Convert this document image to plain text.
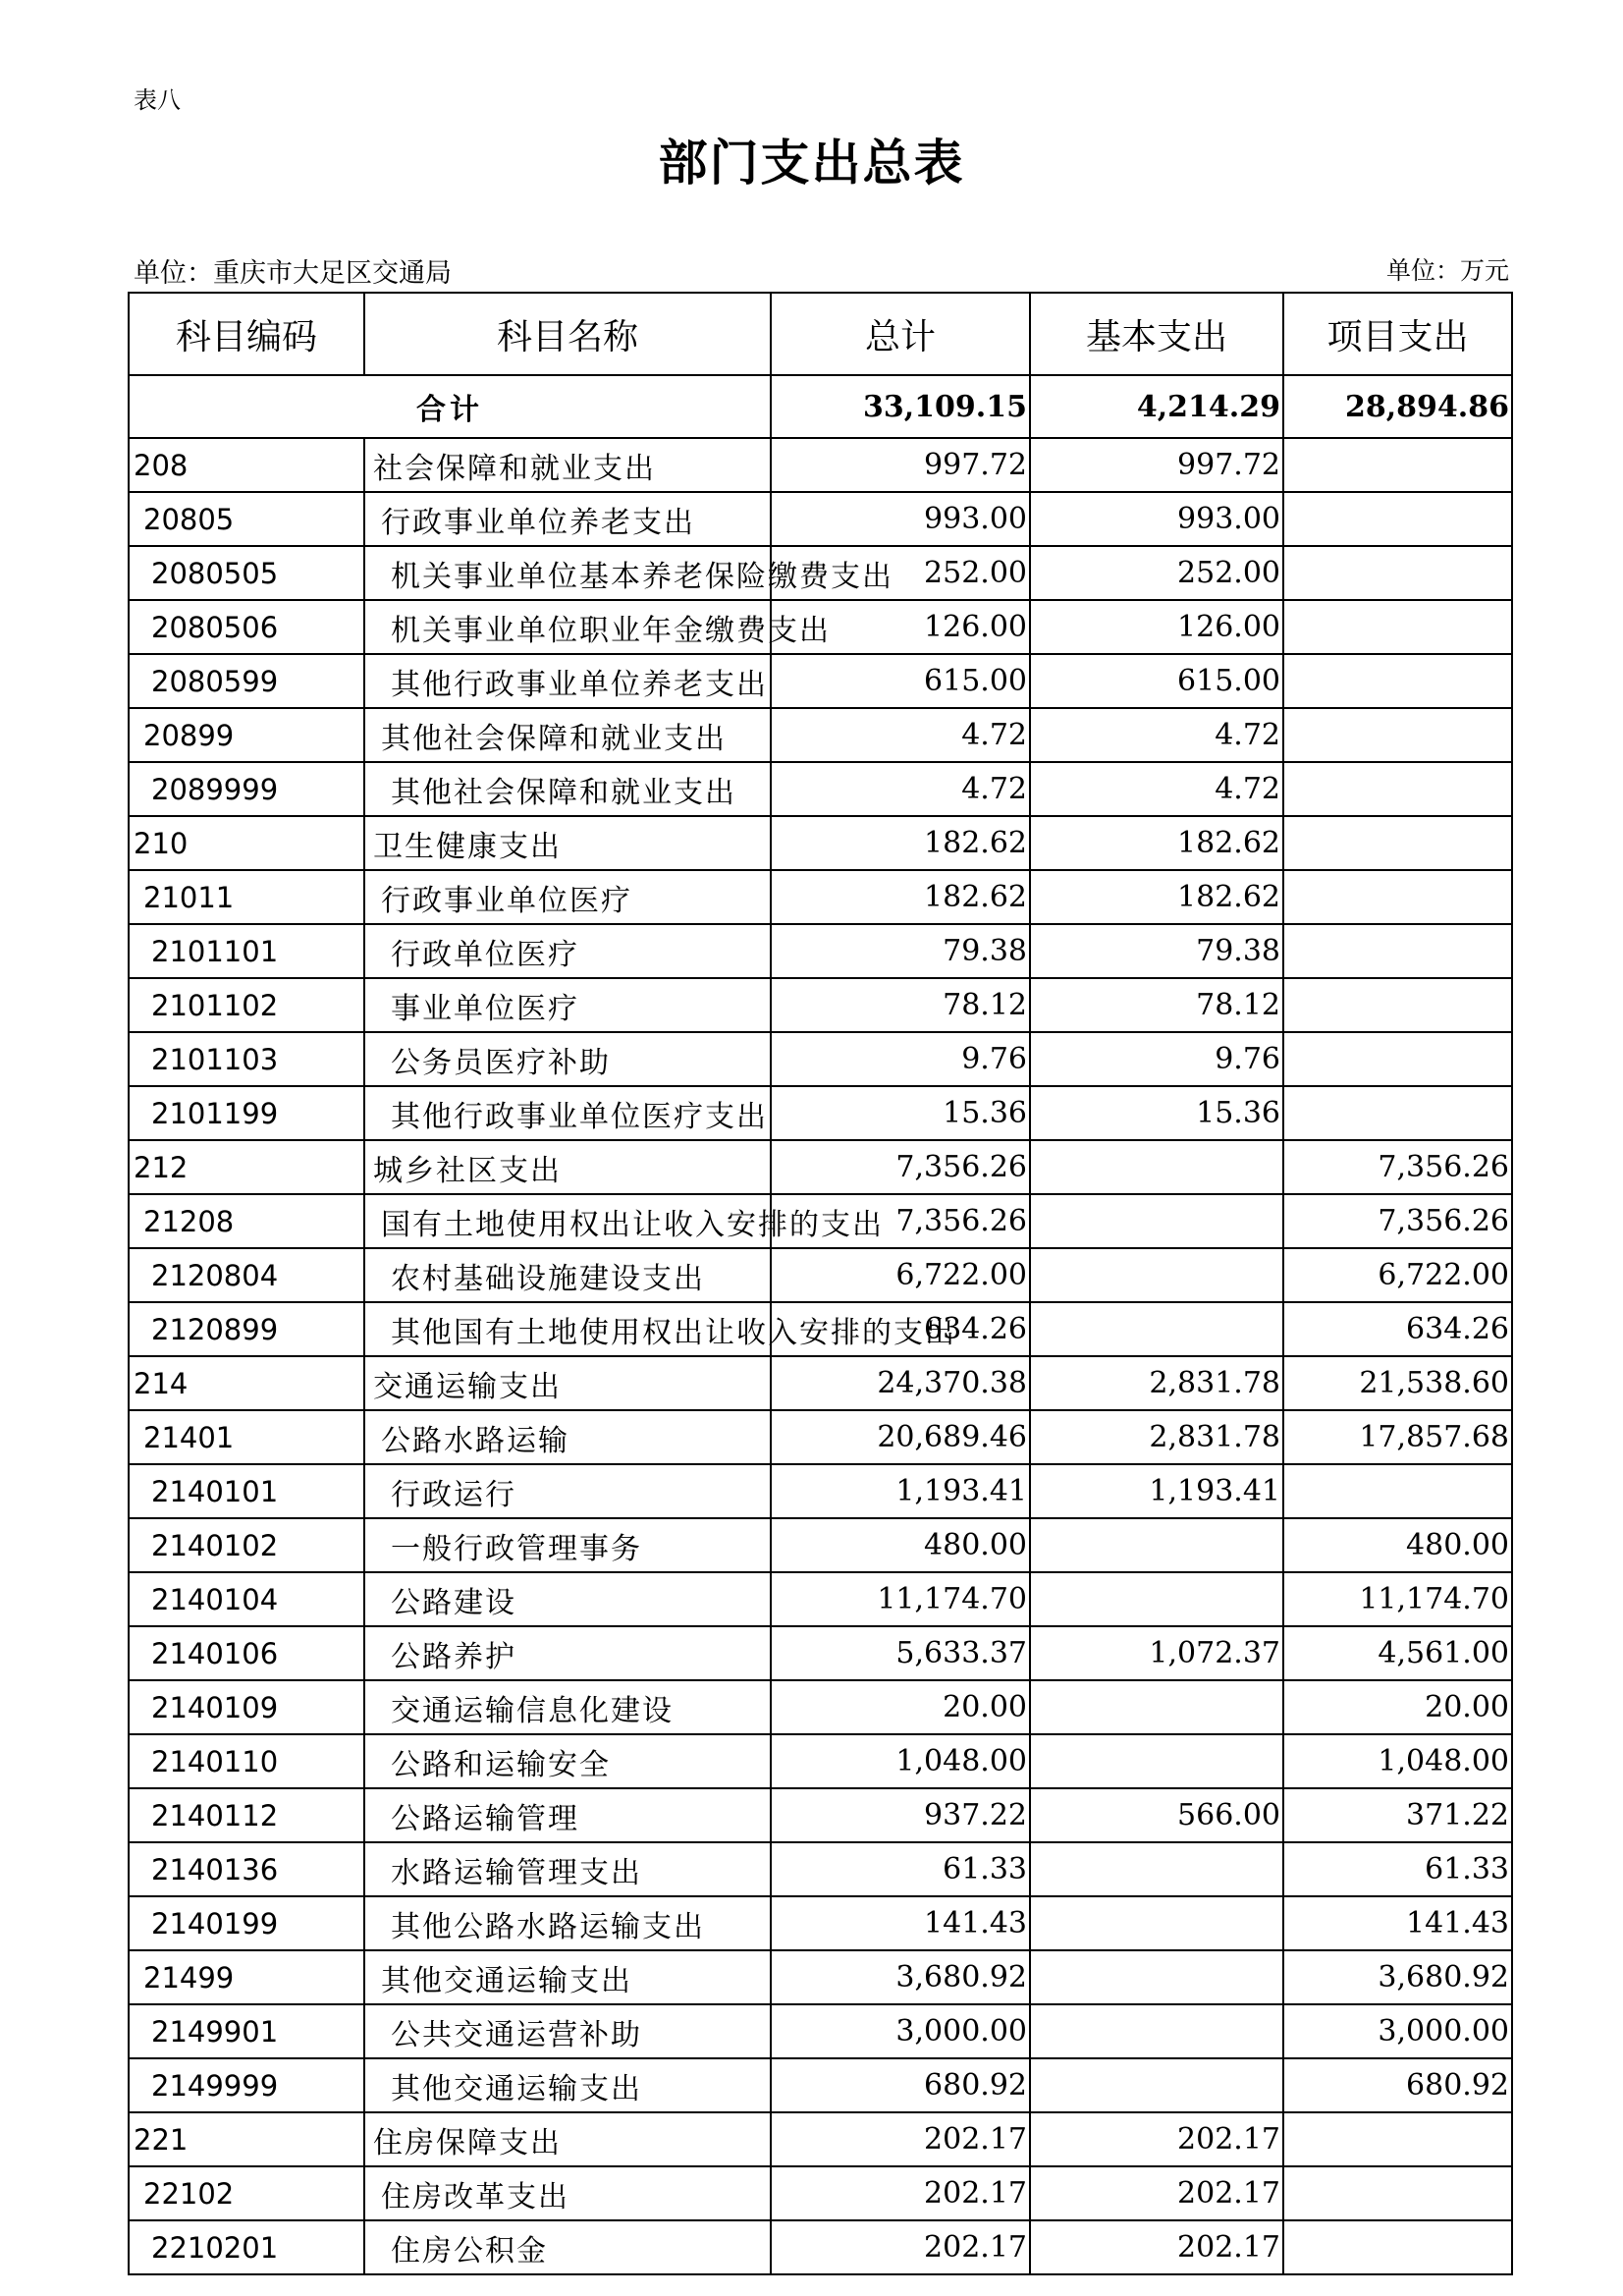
表八
部门支出总表
单位：重庆市大足区交通局	单位：万元
科目编码	科目名称	总计	基本支出	项目支出
合计		33,109.15	4,214.29	28,894.86
208	社会保障和就业支出	997.72	997.72	
20805	行政事业单位养老支出	993.00	993.00	
2080505	机关事业单位基本养老保险缴费支出	252.00	252.00	
2080506	机关事业单位职业年金缴费支出	126.00	126.00	
2080599	其他行政事业单位养老支出	615.00	615.00	
20899	其他社会保障和就业支出	4.72	4.72	
2089999	其他社会保障和就业支出	4.72	4.72	
210	卫生健康支出	182.62	182.62	
21011	行政事业单位医疗	182.62	182.62	
2101101	行政单位医疗	79.38	79.38	
2101102	事业单位医疗	78.12	78.12	
2101103	公务员医疗补助	9.76	9.76	
2101199	其他行政事业单位医疗支出	15.36	15.36	
212	城乡社区支出	7,356.26		7,356.26
21208	国有土地使用权出让收入安排的支出	7,356.26		7,356.26
2120804	农村基础设施建设支出	6,722.00		6,722.00
2120899	其他国有土地使用权出让收入安排的支出	634.26		634.26
214	交通运输支出	24,370.38	2,831.78	21,538.60
21401	公路水路运输	20,689.46	2,831.78	17,857.68
2140101	行政运行	1,193.41	1,193.41	
2140102	一般行政管理事务	480.00		480.00
2140104	公路建设	11,174.70		11,174.70
2140106	公路养护	5,633.37	1,072.37	4,561.00
2140109	交通运输信息化建设	20.00		20.00
2140110	公路和运输安全	1,048.00		1,048.00
2140112	公路运输管理	937.22	566.00	371.22
2140136	水路运输管理支出	61.33		61.33
2140199	其他公路水路运输支出	141.43		141.43
21499	其他交通运输支出	3,680.92		3,680.92
2149901	公共交通运营补助	3,000.00		3,000.00
2149999	其他交通运输支出	680.92		680.92
221	住房保障支出	202.17	202.17	
22102	住房改革支出	202.17	202.17	
2210201	住房公积金	202.17	202.17	
